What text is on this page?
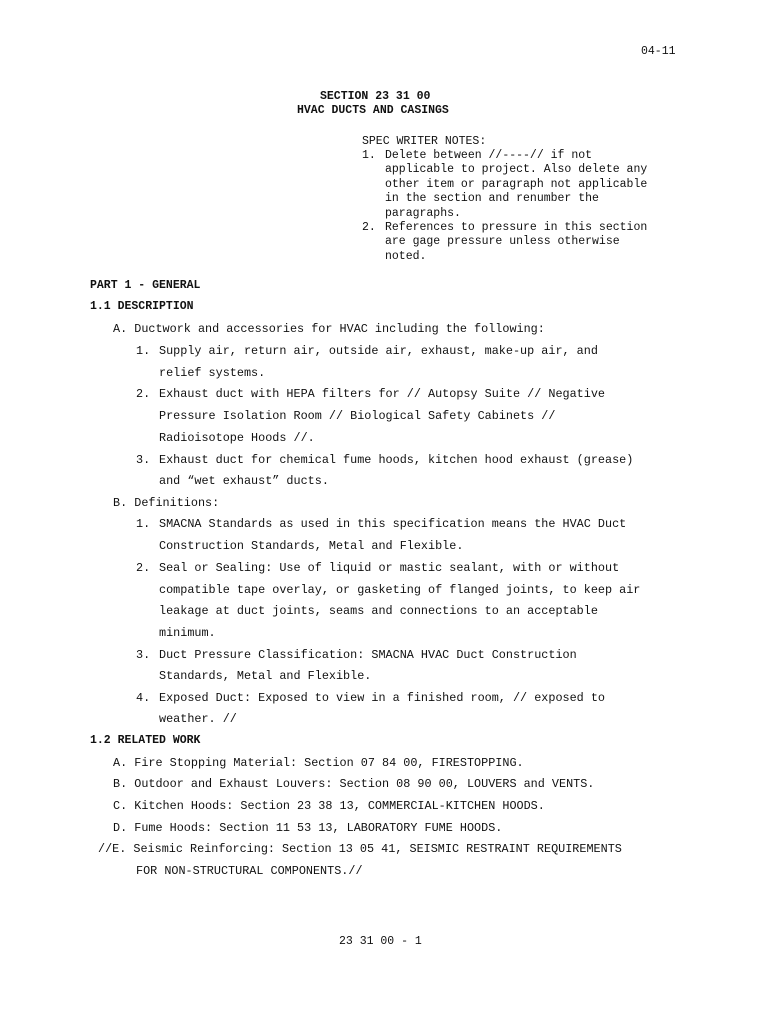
04-11
SECTION 23 31 00
HVAC DUCTS AND CASINGS
SPEC WRITER NOTES:
1. Delete between //----// if not
applicable to project. Also delete any
other item or paragraph not applicable
in the section and renumber the
paragraphs.
2. References to pressure in this section
are gage pressure unless otherwise
noted.
PART 1 - GENERAL
1.1 DESCRIPTION
A. Ductwork and accessories for HVAC including the following:
1. Supply air, return air, outside air, exhaust, make-up air, and
relief systems.
2. Exhaust duct with HEPA filters for // Autopsy Suite // Negative
Pressure Isolation Room // Biological Safety Cabinets //
Radioisotope Hoods //.
3. Exhaust duct for chemical fume hoods, kitchen hood exhaust (grease)
and “wet exhaust” ducts.
B. Definitions:
1. SMACNA Standards as used in this specification means the HVAC Duct
Construction Standards, Metal and Flexible.
2. Seal or Sealing: Use of liquid or mastic sealant, with or without
compatible tape overlay, or gasketing of flanged joints, to keep air
leakage at duct joints, seams and connections to an acceptable
minimum.
3. Duct Pressure Classification: SMACNA HVAC Duct Construction
Standards, Metal and Flexible.
4. Exposed Duct: Exposed to view in a finished room, // exposed to
weather. //
1.2 RELATED WORK
A. Fire Stopping Material: Section 07 84 00, FIRESTOPPING.
B. Outdoor and Exhaust Louvers: Section 08 90 00, LOUVERS and VENTS.
C. Kitchen Hoods: Section 23 38 13, COMMERCIAL-KITCHEN HOODS.
D. Fume Hoods: Section 11 53 13, LABORATORY FUME HOODS.
//E. Seismic Reinforcing: Section 13 05 41, SEISMIC RESTRAINT REQUIREMENTS
FOR NON-STRUCTURAL COMPONENTS.//
23 31 00 - 1
